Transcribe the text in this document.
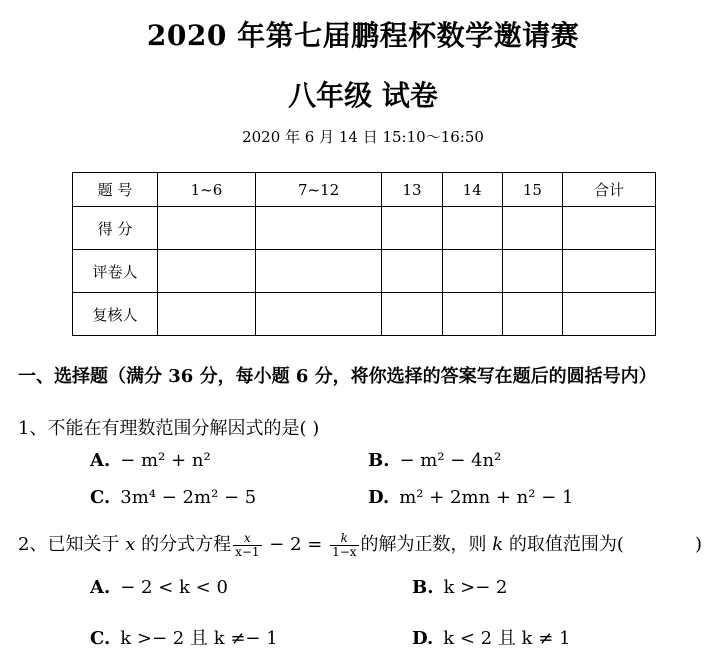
2020 年第七届鹏程杯数学邀请赛
八年级 试卷
2020 年 6 月 14 日 15:10～16:50
题 号	1~6	7~12	13	14	15	合计
得 分						
评卷人						
复核人						
一、选择题（满分 36 分，每小题 6 分，将你选择的答案写在题后的圆括号内）
1、不能在有理数范围分解因式的是( )
A. − m² + n²	B. − m² − 4n²
C. 3m⁴ − 2m² − 5	D. m² + 2mn + n² − 1
2、已知关于 x 的分式方程 $\frac{x}{x-1} - 2 = \frac{k}{1-x}$ 的解为正数，则 k 的取值范围为(	)
A. − 2 < k < 0	B. k >− 2
C. k >− 2 且 k ≠− 1	D. k < 2 且 k ≠ 1
